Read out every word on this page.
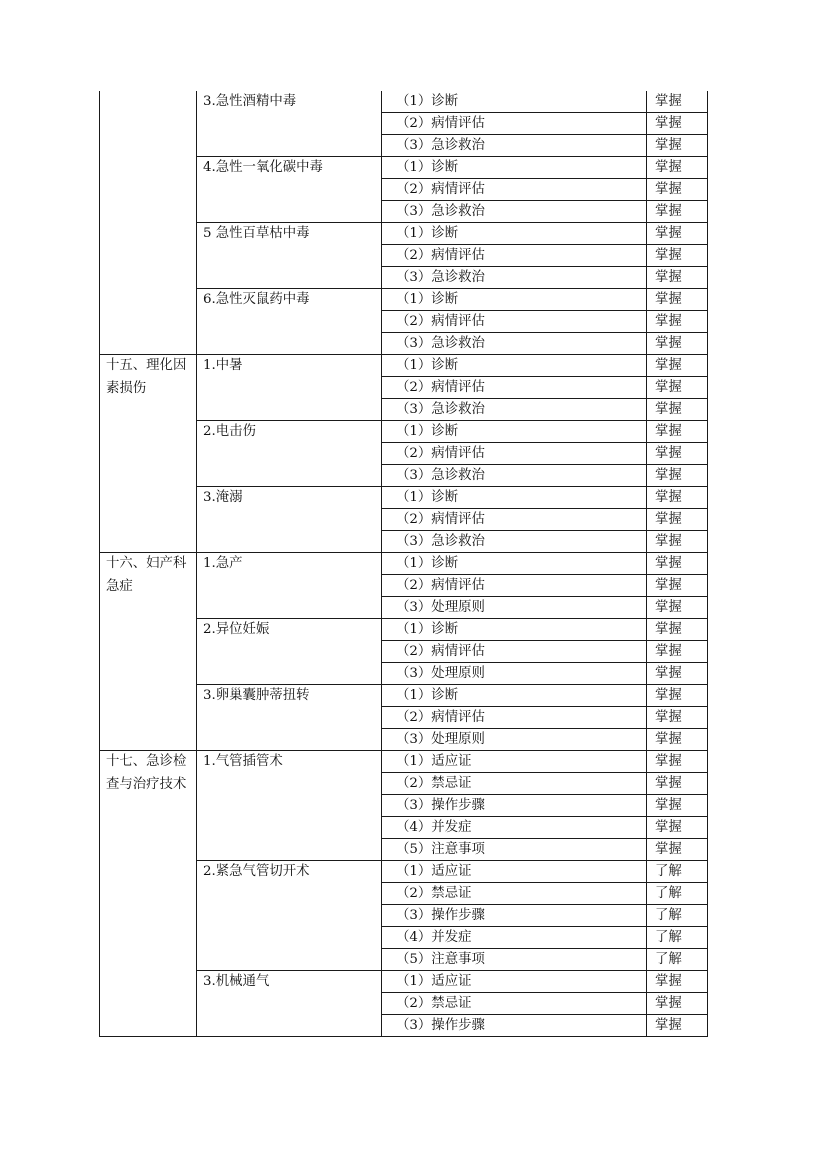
	3.急性酒精中毒	（1）诊断	掌握
		（2）病情评估	掌握
		（3）急诊救治	掌握
	4.急性一氧化碳中毒	（1）诊断	掌握
		（2）病情评估	掌握
		（3）急诊救治	掌握
	5 急性百草枯中毒	（1）诊断	掌握
		（2）病情评估	掌握
		（3）急诊救治	掌握
	6.急性灭鼠药中毒	（1）诊断	掌握
		（2）病情评估	掌握
		（3）急诊救治	掌握
十五、理化因素损伤	1.中暑	（1）诊断	掌握
		（2）病情评估	掌握
		（3）急诊救治	掌握
	2.电击伤	（1）诊断	掌握
		（2）病情评估	掌握
		（3）急诊救治	掌握
	3.淹溺	（1）诊断	掌握
		（2）病情评估	掌握
		（3）急诊救治	掌握
十六、妇产科急症	1.急产	（1）诊断	掌握
		（2）病情评估	掌握
		（3）处理原则	掌握
	2.异位妊娠	（1）诊断	掌握
		（2）病情评估	掌握
		（3）处理原则	掌握
	3.卵巢囊肿蒂扭转	（1）诊断	掌握
		（2）病情评估	掌握
		（3）处理原则	掌握
十七、急诊检查与治疗技术	1.气管插管术	（1）适应证	掌握
		（2）禁忌证	掌握
		（3）操作步骤	掌握
		（4）并发症	掌握
		（5）注意事项	掌握
	2.紧急气管切开术	（1）适应证	了解
		（2）禁忌证	了解
		（3）操作步骤	了解
		（4）并发症	了解
		（5）注意事项	了解
	3.机械通气	（1）适应证	掌握
		（2）禁忌证	掌握
		（3）操作步骤	掌握
